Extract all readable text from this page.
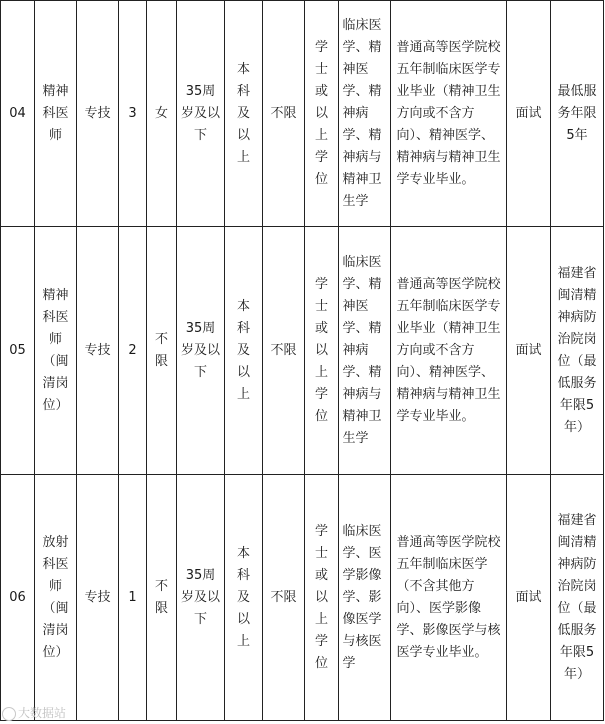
04	精神科医师	专技	3	女	35周岁及以下	本科及以上	不限	学士或以上学位	临床医学、精神医学、精神病学、精神病与精神卫生学	普通高等医学院校五年制临床医学专业毕业（精神卫生方向或不含方向）、精神医学、精神病与精神卫生学专业毕业。	面试	最低服务年限5年

05	精神科医师（闽清岗位）	专技	2	不限	35周岁及以下	本科及以上	不限	学士或以上学位	临床医学、精神医学、精神病学、精神病与精神卫生学	普通高等医学院校五年制临床医学专业毕业（精神卫生方向或不含方向）、精神医学、精神病与精神卫生学专业毕业。	面试	福建省闽清精神病防治院岗位（最低服务年限5年）

06	放射科医师（闽清岗位）	专技	1	不限	35周岁及以下	本科及以上	不限	学士或以上学位	临床医学、医学影像学、影像医学与核医学	普通高等医学院校五年制临床医学（不含其他方向）、医学影像学、影像医学与核医学专业毕业。	面试	福建省闽清精神病防治院岗位（最低服务年限5年）
大数据站
